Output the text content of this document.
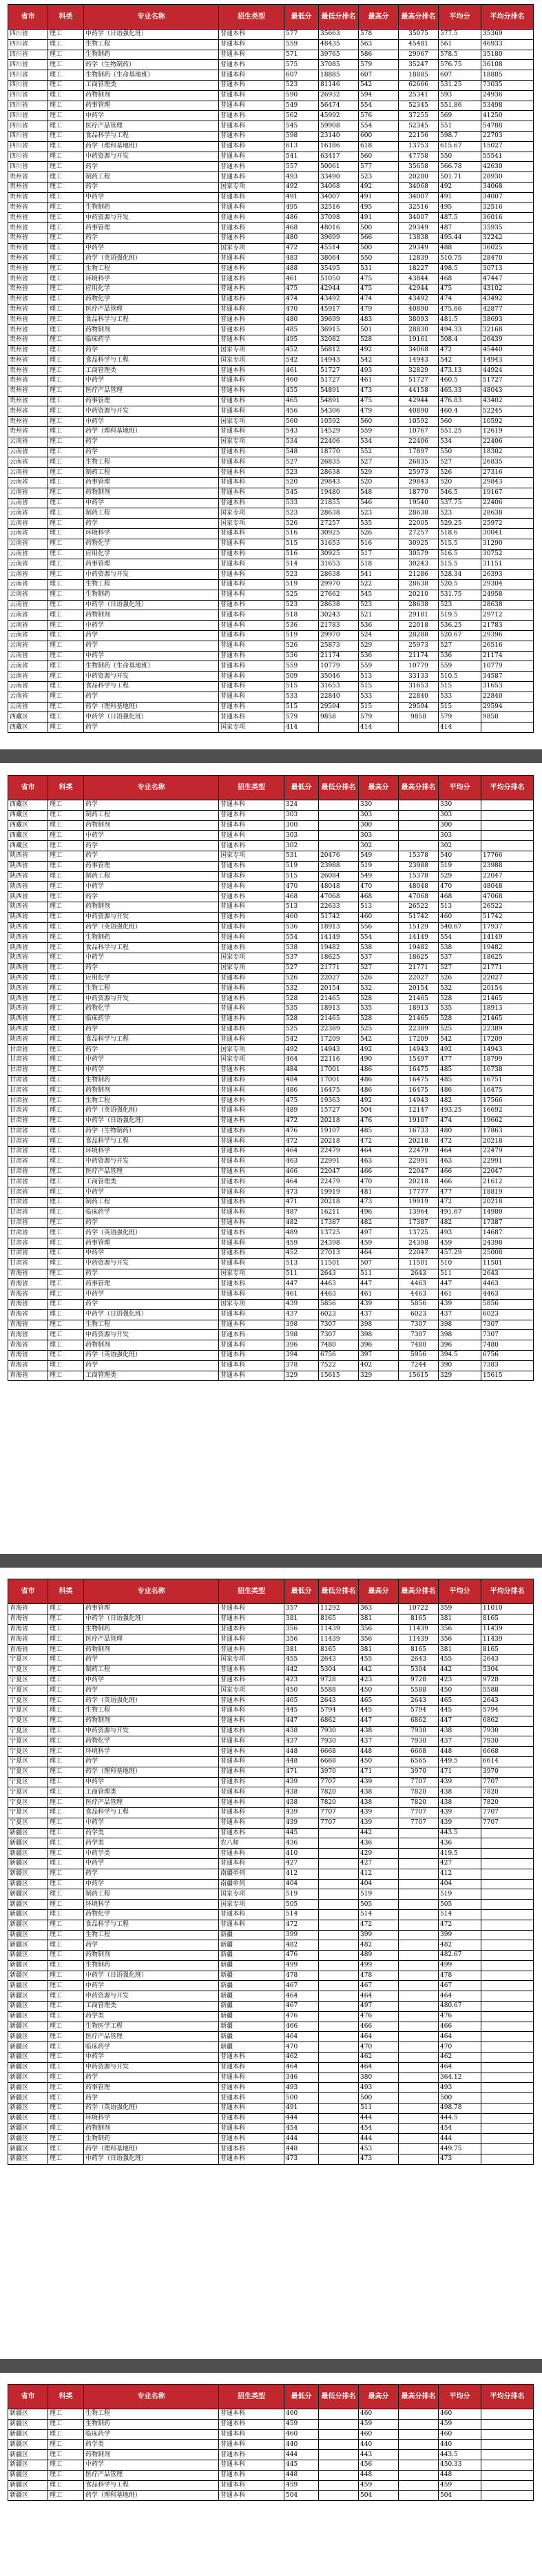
省市	科类	专业名称	招生类型	最低分	最低分排名	最高分	最高分排名	平均分	平均分排名
四川省	理工	中药学（日语强化班）	普通本科	577	35663	578	35075	577.5	35369
四川省	理工	生物工程	普通本科	559	48435	563	45481	561	46933
四川省	理工	生物制药	普通本科	571	39765	586	29967	578.5	35180
四川省	理工	药学（生物制药）	普通本科	575	37085	579	35247	576.75	36108
四川省	理工	生物制药（生命基地班）	普通本科	607	18885	607	18885	607	18885
四川省	理工	工商管理类	普通本科	523	81146	542	62666	531.25	73035
四川省	理工	药物制剂	普通本科	590	26932	594	25341	593	24936
四川省	理工	药事管理	普通本科	549	56474	554	52345	551.86	53498
四川省	理工	中药学	普通本科	562	45992	576	37255	569	41250
四川省	理工	医疗产品管理	普通本科	545	59908	554	52345	551	54788
四川省	理工	食品科学与工程	普通本科	598	23140	600	22156	598.7	22703
四川省	理工	药学（理科基地班）	普通本科	613	16186	618	13753	615.67	15027
四川省	理工	中药资源与开发	普通本科	541	63417	560	47758	550	55541
四川省	理工	药学	普通本科	557	50061	577	35658	566.78	42630
贵州省	理工	制药工程	普通本科	493	33490	523	20280	501.71	28930
贵州省	理工	药学	国家专项	492	34068	492	34068	492	34068
贵州省	理工	中药学	普通本科	491	34007	491	34007	491	34007
贵州省	理工	生物制药	普通本科	495	32516	495	32516	495	32516
贵州省	理工	中药资源与开发	普通本科	486	37098	491	34007	487.5	36016
贵州省	理工	药事管理	普通本科	468	48016	500	29349	487	35935
贵州省	理工	药学	普通本科	480	39699	566	13838	495.44	32242
贵州省	理工	中药学	国家专项	472	45514	500	29349	488	36025
贵州省	理工	药学（英语强化班）	普通本科	483	38064	550	12839	510.75	28470
贵州省	理工	生物工程	普通本科	488	35495	531	18227	498.5	30713
贵州省	理工	环境科学	普通本科	461	51050	475	43844	468	47447
贵州省	理工	应用化学	普通本科	475	42944	475	42944	475	43102
贵州省	理工	药物化学	普通本科	474	43492	474	43492	474	43492
贵州省	理工	医疗产品管理	普通本科	470	45917	479	40890	475.66	42877
贵州省	理工	食品科学与工程	普通本科	480	39699	483	38093	481.5	38693
贵州省	理工	药物制剂	普通本科	485	36915	501	28830	494.33	32168
贵州省	理工	临床药学	普通本科	495	32082	528	19161	508.4	26439
贵州省	理工	药学	国家专项	452	56812	492	34068	472	45440
贵州省	理工	食品科学与工程	国家专项	542	14943	542	14943	542	14943
贵州省	理工	工商管理类	普通本科	461	51727	493	32829	473.13	44924
贵州省	理工	中药学	普通本科	460	51727	461	51727	460.5	51727
贵州省	理工	医疗产品管理	普通本科	455	54891	473	44158	465.33	48043
贵州省	理工	药事管理	普通本科	465	54891	475	42944	476.83	43402
贵州省	理工	中药资源与开发	普通本科	456	54306	479	40890	460.4	52245
贵州省	理工	中药学	国家专项	560	10592	560	10592	560	10592
贵州省	理工	药学（理科基地班）	普通本科	543	14529	559	10767	551.25	12619
云南省	理工	药学	国家专项	534	22406	534	22406	534	22406
云南省	理工	药学	普通本科	548	18770	552	17897	550	18302
云南省	理工	生物工程	普通本科	527	26835	527	26835	527	26835
云南省	理工	制药工程	普通本科	523	28638	529	25973	526	27316
云南省	理工	药事管理	普通本科	520	29843	520	29843	520	29843
云南省	理工	药物制剂	普通本科	545	19480	548	18770	546.5	19167
云南省	理工	中药学	普通本科	533	21855	546	19540	537.75	22406
云南省	理工	制药工程	国家专项	523	28638	523	28638	523	28638
云南省	理工	药学	国家专项	526	27257	535	22005	529.25	25972
云南省	理工	环境科学	普通本科	516	30925	526	27257	518.6	30041
云南省	理工	药物化学	普通本科	515	31653	516	30925	515.5	31290
云南省	理工	应用化学	普通本科	516	30925	517	30579	516.5	30752
云南省	理工	药事管理	普通本科	514	31653	518	30243	515.5	31151
云南省	理工	中药资源与开发	普通本科	523	28638	541	21286	528.34	26393
云南省	理工	生物工程	普通本科	519	29970	522	28638	520.5	29304
云南省	理工	生物制药	普通本科	525	27662	545	20210	531.75	24958
云南省	理工	中药学（日语强化班）	普通本科	523	28638	523	28638	523	28638
云南省	理工	药物制剂	普通本科	518	30243	521	29181	519.5	29712
云南省	理工	中药学	普通本科	536	21783	536	22018	536.25	21783
云南省	理工	药学	普通本科	519	29970	524	28288	520.67	29396
云南省	理工	药学	普通本科	526	25873	529	25973	527	26516
云南省	理工	中药学	普通本科	536	21174	536	21174	536	21174
云南省	理工	生物制药（生命基地班）	普通本科	559	10779	559	10779	559	10779
云南省	理工	中药资源与开发	普通本科	509	35046	513	33133	510.5	34587
云南省	理工	食品科学与工程	普通本科	515	31653	515	31653	515	31653
云南省	理工	药学	普通本科	533	22840	533	22840	533	22840
云南省	理工	药学（理科基地班）	普通本科	515	29594	515	29594	515	29594
西藏区	理工	中药学（日语强化班）	普通本科	579	9858	579	9858	579	9858
西藏区	理工	药学	国家专项	414		414		414	
省市	科类	专业名称	招生类型	最低分	最低分排名	最高分	最高分排名	平均分	平均分排名
西藏区	理工	药学	普通本科	324		330		330	
西藏区	理工	制药工程	普通本科	303		303		303	
西藏区	理工	药物制剂	普通本科	300		300		300	
西藏区	理工	中药学	普通本科	303		303		303	
西藏区	理工	药学	普通本科	302		302		302	
陕西省	理工	药学	国家专项	531	20476	549	15378	540	17766
陕西省	理工	药事管理	普通本科	519	23988	519	23988	519	23988
陕西省	理工	制药工程	普通本科	515	26084	549	15378	529	22047
陕西省	理工	中药学	普通本科	470	48048	470	48048	470	48048
陕西省	理工	药学	普通本科	468	47068	468	47068	468	47068
陕西省	理工	药物制剂	普通本科	513	22633	513	26522	513	26522
陕西省	理工	中药资源与开发	普通本科	460	51742	460	51742	460	51742
陕西省	理工	药学（英语强化班）	普通本科	536	18913	556	15129	540.67	17937
陕西省	理工	生物制药	普通本科	554	14149	554	14149	554	14149
陕西省	理工	食品科学与工程	普通本科	538	19482	538	19482	538	19482
陕西省	理工	中药学	国家专项	537	18625	537	18625	537	18625
陕西省	理工	药学	国家专项	527	21771	527	21771	527	21771
陕西省	理工	应用化学	普通本科	526	22027	526	22027	526	22027
陕西省	理工	生物工程	普通本科	532	20154	532	20154	532	20154
陕西省	理工	中药资源与开发	普通本科	528	21465	528	21465	528	21465
陕西省	理工	药物化学	普通本科	535	18913	535	18913	535	18913
陕西省	理工	临床药学	普通本科	528	21465	528	21465	528	21465
陕西省	理工	药学	普通本科	525	22389	525	22389	525	22389
陕西省	理工	食品科学与工程	普通本科	542	17209	542	17209	542	17209
甘肃省	理工	药学	国家专项	492	14943	492	14943	492	14943
甘肃省	理工	中药学	国家专项	464	22116	490	15497	477	18799
甘肃省	理工	中药学	普通本科	484	17001	486	16475	485	16738
甘肃省	理工	生物制药	普通本科	484	17001	486	16475	485	16751
甘肃省	理工	药物制剂	普通本科	486	16475	486	16475	486	16475
甘肃省	理工	生物工程	普通本科	475	19363	492	14943	482	17566
甘肃省	理工	药学（英语强化班）	普通本科	489	15727	504	12147	493.25	16692
甘肃省	理工	中药学（日语强化班）	普通本科	472	20218	476	19107	474	19662
甘肃省	理工	药学（生物制药）	普通本科	476	19107	485	16733	480	17863
甘肃省	理工	食品科学与工程	普通本科	472	20218	472	20218	472	20218
甘肃省	理工	环境科学	普通本科	464	22479	464	22479	464	22479
甘肃省	理工	中药资源与开发	普通本科	463	22991	463	22991	463	22991
甘肃省	理工	医疗产品管理	普通本科	466	22047	466	22047	466	22047
甘肃省	理工	工商管理类	普通本科	464	22479	470	20218	466	21612
甘肃省	理工	中药学	普通本科	473	19919	481	17777	477	18819
甘肃省	理工	制药工程	普通本科	471	20218	473	19919	472	20218
甘肃省	理工	临床药学	普通本科	487	16211	496	13964	491.67	14980
甘肃省	理工	药学	普通本科	482	17387	482	17387	482	17387
甘肃省	理工	药学（英语强化班）	普通本科	489	13725	497	13725	493	14687
甘肃省	理工	药事管理	普通本科	459	24398	459	24398	459	24398
甘肃省	理工	中药学	普通本科	452	27013	464	22047	457.29	25008
甘肃省	理工	中药资源与开发	普通本科	513	11501	507	11501	510	11501
青海省	理工	药学	国家专项	511	2643	511	2643	511	2643
青海省	理工	药事管理	普通本科	447	4463	447	4463	447	4463
青海省	理工	中药学	普通本科	461	4463	461	4463	461	4463
青海省	理工	药学	国家专项	439	5856	439	5856	439	5856
青海省	理工	中药学（日语强化班）	普通本科	437	6023	437	6023	437	6023
青海省	理工	生物工程	普通本科	398	7307	398	7307	398	7307
青海省	理工	中药资源与开发	普通本科	398	7307	398	7307	398	7307
青海省	理工	药物制剂	普通本科	396	7480	396	7480	396	7480
青海省	理工	药学（英语强化班）	普通本科	394	6756	397	5956	394.5	6756
青海省	理工	药学	普通本科	378	7522	402	7244	390	7383
青海省	理工	工商管理类	普通本科	329	15615	329	15615	329	15615
省市	科类	专业名称	招生类型	最低分	最低分排名	最高分	最高分排名	平均分	平均分排名
青海省	理工	药事管理	普通本科	357	11292	363	10722	359	11010
青海省	理工	中药学（日语强化班）	普通本科	381	8165	381	8165	381	8165
青海省	理工	生物制药	普通本科	356	11439	356	11439	356	11439
青海省	理工	医疗产品管理	普通本科	356	11439	356	11439	356	11439
青海省	理工	药物制剂	普通本科	381	8165	381	8165	381	8165
宁夏区	理工	药学	国家专项	455	2643	455	2643	455	2643
宁夏区	理工	制药工程	普通本科	442	5304	442	5304	442	5304
宁夏区	理工	中药学	普通本科	423	9728	423	9728	423	9728
宁夏区	理工	药学	国家专项	450	5588	450	5588	450	5588
宁夏区	理工	药学（英语强化班）	普通本科	465	2643	465	2643	465	2643
宁夏区	理工	生物工程	普通本科	445	5794	445	5794	445	5794
宁夏区	理工	药物制剂	普通本科	447	6862	447	6862	447	6862
宁夏区	理工	中药资源与开发	普通本科	438	7930	438	7930	438	7930
宁夏区	理工	药物化学	普通本科	437	7930	437	7930	437	7930
宁夏区	理工	环境科学	普通本科	448	6668	448	6668	448	6668
宁夏区	理工	药学	普通本科	448	6668	450	6565	449.5	6614
宁夏区	理工	药学（理科基地班）	普通本科	471	3970	471	3970	471	3970
宁夏区	理工	中药学	普通本科	439	7707	439	7707	439	7707
宁夏区	理工	工商管理类	普通本科	438	7820	438	7820	438	7820
宁夏区	理工	医疗产品管理	普通本科	438	7820	438	7820	438	7820
宁夏区	理工	食品科学与工程	普通本科	439	7707	439	7707	439	7707
宁夏区	理工	中药学	普通本科	439	7707	439	7707	439	7707
新疆区	理工	药学类	普通本科	445		442		443.5	
新疆区	理工	药学类	农八师	436		436		436	
新疆区	理工	中药学类	普通本科	410		429		419.5	
新疆区	理工	中药学	普通本科	427		427		427	
新疆区	理工	药学	南疆单列	412		412		412	
新疆区	理工	中药学	南疆单列	404		404		404	
新疆区	理工	制药工程	国家专项	519		519		519	
新疆区	理工	环境科学	国家专项	505		505		505	
新疆区	理工	药物化学	普通本科	514		514		514	
新疆区	理工	食品科学与工程	普通本科	472		472		472	
新疆区	理工	生物工程	新疆	399		399		399	
新疆区	理工	药学	新疆	482		482		482	
新疆区	理工	药物制剂	新疆	476		489		482.67	
新疆区	理工	生物制药	新疆	499		499		499	
新疆区	理工	中药学（日语强化班）	新疆	478		478		478	
新疆区	理工	中药学	新疆	467		467		467	
新疆区	理工	中药资源与开发	新疆	464		464		464	
新疆区	理工	工商管理类	新疆	467		497		480.67	
新疆区	理工	药学类	新疆	476		476		476	
新疆区	理工	生物医学工程	新疆	466		466		466	
新疆区	理工	医疗产品管理	新疆	464		464		464	
新疆区	理工	临床药学	新疆	470		470		470	
新疆区	理工	中药学	普通本科	462		462		462	
新疆区	理工	中药资源与开发	普通本科	464		464		464	
新疆区	理工	药学	普通本科	346		380		364.12	
新疆区	理工	药事管理	普通本科	493		493		493	
新疆区	理工	药学	普通本科	500		500		500	
新疆区	理工	药学（英语强化班）	普通本科	491		511		498.78	
新疆区	理工	环境科学	普通本科	444		444		444.5	
新疆区	理工	药物制剂	普通本科	454		454		454	
新疆区	理工	生物制药	普通本科	444		444		444	
新疆区	理工	药学（理科基地班）	普通本科	448		453		449.75	
新疆区	理工	中药学（日语强化班）	普通本科	473		473		473	
省市	科类	专业名称	招生类型	最低分	最低分排名	最高分	最高分排名	平均分	平均分排名
新疆区	理工	生物工程	普通本科	460		460		460	
新疆区	理工	生物制药	普通本科	459		459		459	
新疆区	理工	临床药学	普通本科	460		460		460	
新疆区	理工	药学类	普通本科	440		440		440	
新疆区	理工	药物制剂	普通本科	444		443		443.5	
新疆区	理工	中药学	普通本科	445		456		450.33	
新疆区	理工	医疗产品管理	普通本科	448		448		448	
新疆区	理工	食品科学与工程	普通本科	459		459		459	
新疆区	理工	药学（理科基地班）	普通本科	504		504		504	
